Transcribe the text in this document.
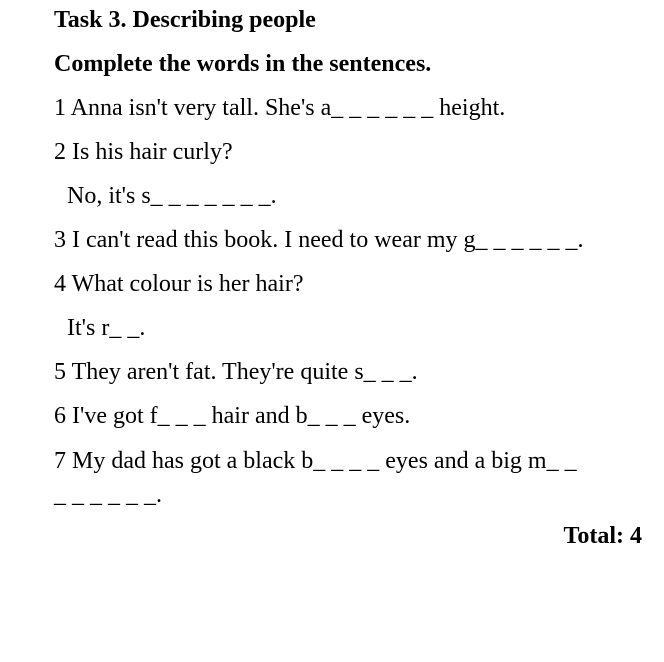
Task 3. Describing people
Complete the words in the sentences.
1 Anna isn't very tall. She's a_ _ _ _ _ _ height.
2 Is his hair curly?
No, it's s_ _ _ _ _ _ _.
3 I can't read this book. I need to wear my g_ _ _ _ _ _.
4 What colour is her hair?
It's r_ _.
5 They aren't fat. They're quite s_ _ _.
6 I've got f_ _ _ hair and b_ _ _ eyes.
7 My dad has got a black b_ _ _ _ eyes and a big m_ _
_ _ _ _ _ _.
Total: 4
